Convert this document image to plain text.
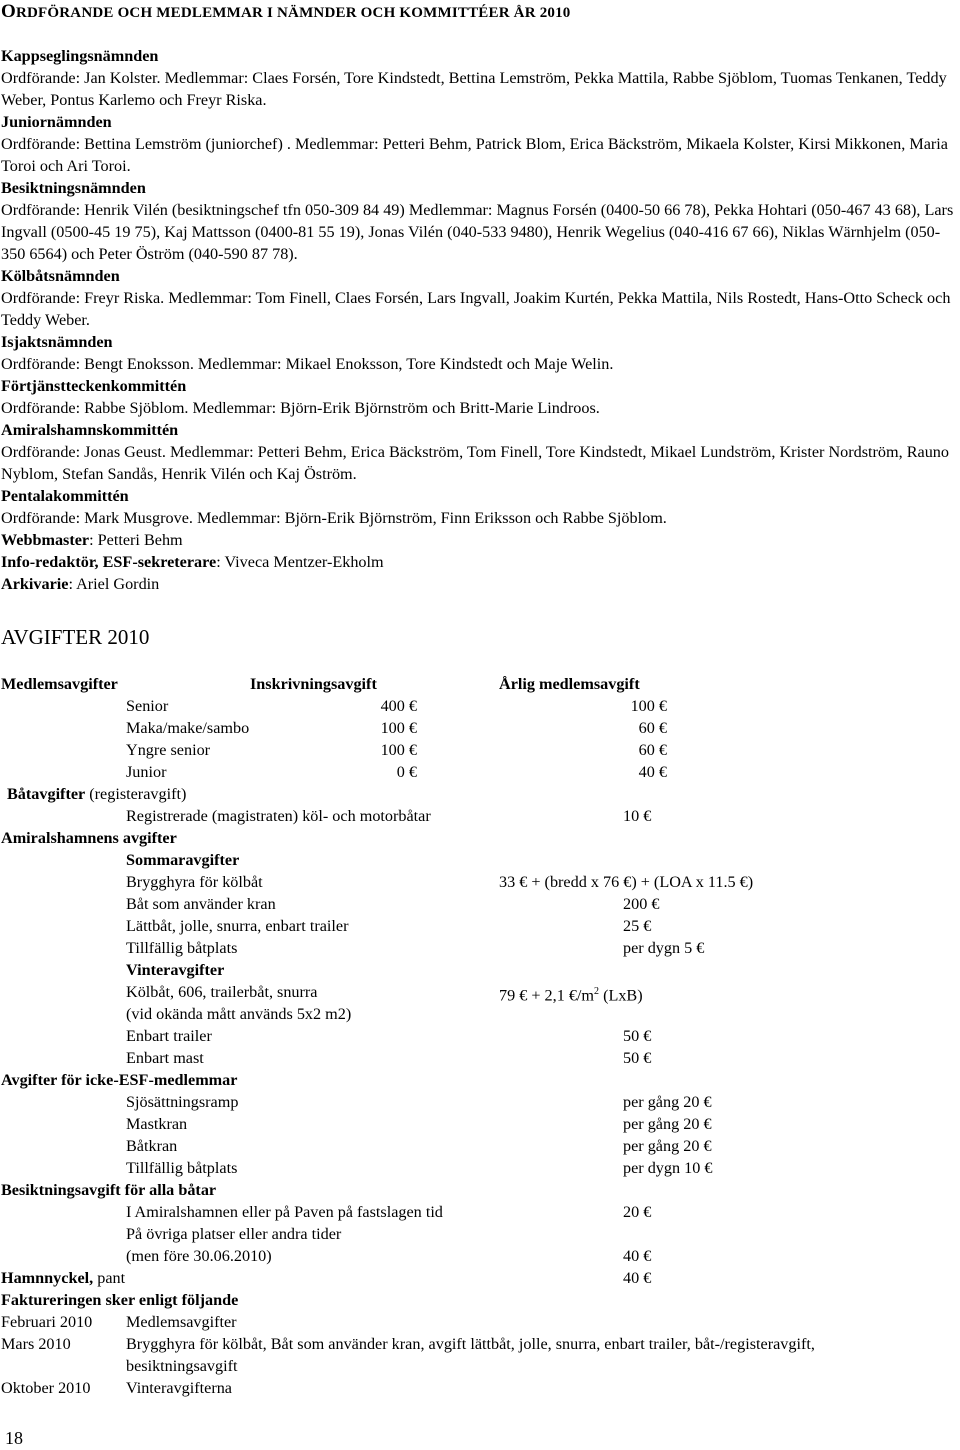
ORDFÖRANDE OCH MEDLEMMAR I NÄMNDER OCH KOMMITTÉER ÅR 2010
Kappseglingsnämnden
Ordförande: Jan Kolster. Medlemmar: Claes Forsén, Tore Kindstedt, Bettina Lemström, Pekka Mattila, Rabbe Sjöblom, Tuomas Tenkanen, Teddy Weber, Pontus Karlemo och Freyr Riska.
Juniornämnden
Ordförande: Bettina Lemström (juniorchef) . Medlemmar: Petteri Behm, Patrick Blom, Erica Bäckström, Mikaela Kolster, Kirsi Mikkonen, Maria Toroi och Ari Toroi.
Besiktningsnämnden
Ordförande: Henrik Vilén (besiktningschef tfn 050-309 84 49) Medlemmar: Magnus Forsén (0400-50 66 78), Pekka Hohtari (050-467 43 68), Lars Ingvall (0500-45 19 75), Kaj Mattsson (0400-81 55 19), Jonas Vilén (040-533 9480), Henrik Wegelius (040-416 67 66), Niklas Wärnhjelm (050-350 6564) och Peter Öström (040-590 87 78).
Kölbåtsnämnden
Ordförande: Freyr Riska. Medlemmar: Tom Finell, Claes Forsén, Lars Ingvall, Joakim Kurtén, Pekka Mattila, Nils Rostedt, Hans-Otto Scheck och Teddy Weber.
Isjaktsnämnden
Ordförande: Bengt Enoksson. Medlemmar: Mikael Enoksson, Tore Kindstedt och Maje Welin.
Förtjänstteckenkommittén
Ordförande: Rabbe Sjöblom. Medlemmar: Björn-Erik Björnström och Britt-Marie Lindroos.
Amiralshamnskommittén
Ordförande: Jonas Geust. Medlemmar: Petteri Behm, Erica Bäckström, Tom Finell, Tore Kindstedt, Mikael Lundström, Krister Nordström, Rauno Nyblom, Stefan Sandås, Henrik Vilén och Kaj Öström.
Pentalakommittén
Ordförande: Mark Musgrove. Medlemmar: Björn-Erik Björnström, Finn Eriksson och Rabbe Sjöblom.
Webbmaster: Petteri Behm
Info-redaktör, ESF-sekreterare: Viveca Mentzer-Ekholm
Arkivarie: Ariel Gordin
AVGIFTER 2010
Medlemsavgifter	Inskrivningsavgift	Årlig medlemsavgift
Senior	400 €	100 €
Maka/make/sambo	100 €	60 €
Yngre senior	100 €	60 €
Junior	0 €	40 €
Båtavgifter (registeravgift)
Registrerade (magistraten) köl- och motorbåtar	10 €
Amiralshamnens avgifter
Sommaravgifter
Brygghyra för kölbåt	33 € + (bredd x 76 €) + (LOA x 11.5 €)
Båt som använder kran	200 €
Lättbåt, jolle, snurra, enbart trailer	25 €
Tillfällig båtplats	per dygn 5 €
Vinteravgifter
Kölbåt, 606, trailerbåt, snurra	79 € + 2,1 $€/m^2$ (LxB)
(vid okända mått används 5x2 m2)
Enbart trailer	50 €
Enbart mast	50 €
Avgifter för icke-ESF-medlemmar
Sjösättningsramp	per gång 20 €
Mastkran	per gång 20 €
Båtkran	per gång 20 €
Tillfällig båtplats	per dygn 10 €
Besiktningsavgift för alla båtar
I Amiralshamnen eller på Paven på fastslagen tid	20 €
På övriga platser eller andra tider
(men före 30.06.2010)	40 €
Hamnnyckel, pant	40 €
Faktureringen sker enligt följande
Februari 2010 Medlemsavgifter
Mars 2010	Brygghyra för kölbåt, Båt som använder kran, avgift lättbåt, jolle, snurra, enbart trailer, båt-/registeravgift,
besiktningsavgift
Oktober 2010 Vinteravgifterna
18
